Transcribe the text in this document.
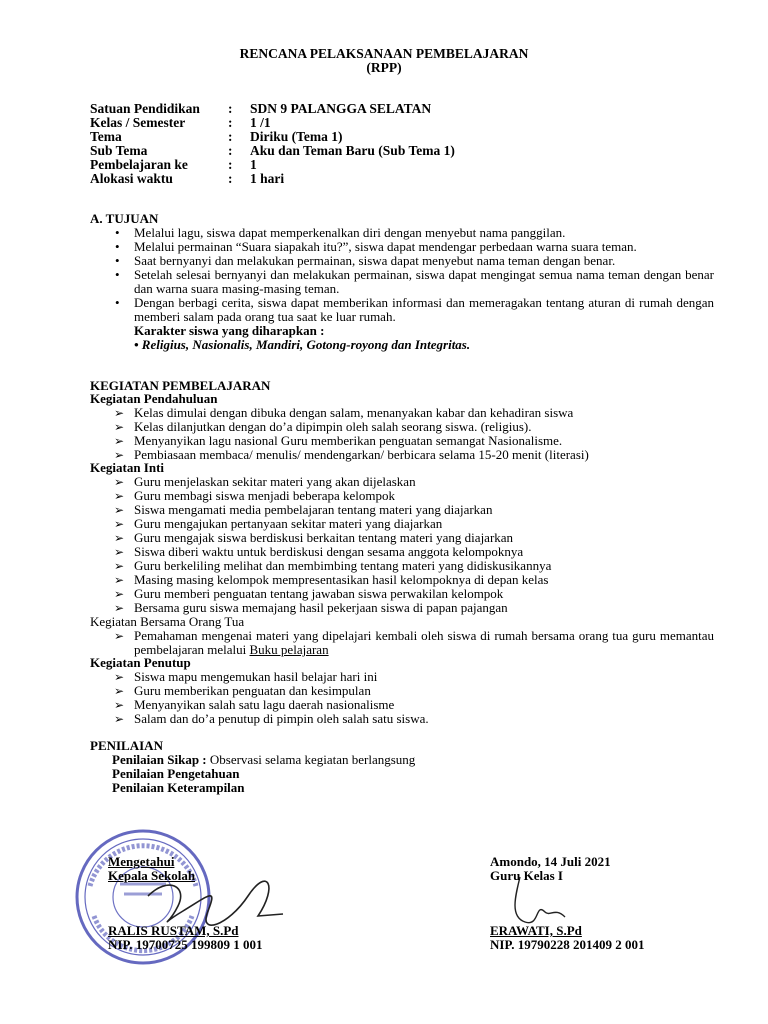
RENCANA PELAKSANAAN PEMBELAJARAN
(RPP)
Satuan Pendidikan : SDN 9 PALANGGA SELATAN
Kelas / Semester	: 1 /1
Tema	: Diriku (Tema 1)
Sub Tema	: Aku dan Teman Baru (Sub Tema 1)
Pembelajaran ke	: 1
Alokasi waktu	: 1 hari
A. TUJUAN
•	Melalui lagu, siswa dapat memperkenalkan diri dengan menyebut nama panggilan.
•	Melalui permainan “Suara siapakah itu?”, siswa dapat mendengar perbedaan warna suara teman.
•	Saat bernyanyi dan melakukan permainan, siswa dapat menyebut nama teman dengan benar.
•	Setelah selesai bernyanyi dan melakukan permainan, siswa dapat mengingat semua nama teman dengan benar dan warna suara masing-masing teman.
•	Dengan berbagi cerita, siswa dapat memberikan informasi dan memeragakan tentang aturan di rumah dengan memberi salam pada orang tua saat ke luar rumah.
Karakter siswa yang diharapkan :
• Religius, Nasionalis, Mandiri, Gotong-royong dan Integritas.
KEGIATAN PEMBELAJARAN
Kegiatan Pendahuluan
➢ Kelas dimulai dengan dibuka dengan salam, menanyakan kabar dan kehadiran siswa
➢ Kelas dilanjutkan dengan do’a dipimpin oleh salah seorang siswa. (religius).
➢ Menyanyikan lagu nasional Guru memberikan penguatan semangat Nasionalisme.
➢ Pembiasaan membaca/ menulis/ mendengarkan/ berbicara selama 15-20 menit (literasi)
Kegiatan Inti
➢ Guru menjelaskan sekitar materi yang akan dijelaskan
➢ Guru membagi siswa menjadi beberapa kelompok
➢ Siswa mengamati media pembelajaran tentang materi yang diajarkan
➢ Guru mengajukan pertanyaan sekitar materi yang diajarkan
➢ Guru mengajak siswa berdiskusi berkaitan tentang materi yang diajarkan
➢ Siswa diberi waktu untuk berdiskusi dengan sesama anggota kelompoknya
➢ Guru berkeliling melihat dan membimbing tentang materi yang didiskusikannya
➢ Masing masing kelompok mempresentasikan hasil kelompoknya di depan kelas
➢ Guru memberi penguatan tentang jawaban siswa perwakilan kelompok
➢ Bersama guru siswa memajang hasil pekerjaan siswa di papan pajangan
Kegiatan Bersama Orang Tua
➢ Pemahaman mengenai materi yang dipelajari kembali oleh siswa di rumah bersama orang tua guru memantau pembelajaran melalui Buku pelajaran
Kegiatan Penutup
➢ Siswa mapu mengemukan hasil belajar hari ini
➢ Guru memberikan penguatan dan kesimpulan
➢ Menyanyikan salah satu lagu daerah nasionalisme
➢ Salam dan do’a penutup di pimpin oleh salah satu siswa.
PENILAIAN
Penilaian Sikap : Observasi selama kegiatan berlangsung
Penilaian Pengetahuan
Penilaian Keterampilan
Mengetahui
Kepala Sekolah
RALIS RUSTAM, S.Pd
NIP. 19700725 199809 1 001
Amondo, 14 Juli 2021
Guru Kelas I
ERAWATI, S.Pd
NIP. 19790228 201409 2 001
